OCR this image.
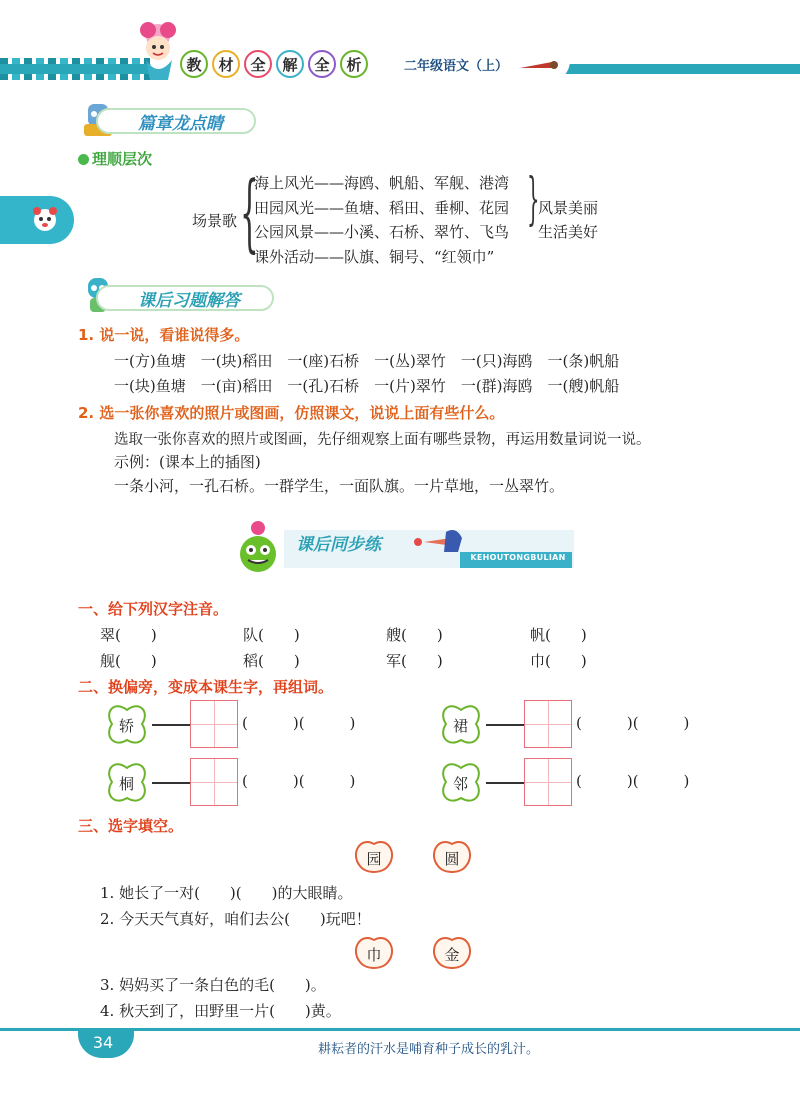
教	材	全	解	全	析	二年级语文（上）
篇章龙点睛
理顺层次
场景歌 {
海上风光——海鸥、帆船、军舰、港湾
田园风光——鱼塘、稻田、垂柳、花园
公园风景——小溪、石桥、翠竹、飞鸟
课外活动——队旗、铜号、“红领巾”
}
风景美丽
生活美好
课后习题解答
1. 说一说，看谁说得多。
一(方)鱼塘　一(块)稻田　一(座)石桥　一(丛)翠竹　一(只)海鸥　一(条)帆船
一(块)鱼塘　一(亩)稻田　一(孔)石桥　一(片)翠竹　一(群)海鸥　一(艘)帆船
2. 选一张你喜欢的照片或图画，仿照课文，说说上面有些什么。
选取一张你喜欢的照片或图画，先仔细观察上面有哪些景物，再运用数量词说一说。
示例：(课本上的插图)
一条小河，一孔石桥。一群学生，一面队旗。一片草地，一丛翠竹。
课后同步练
KEHOUTONGBULIAN
一、给下列汉字注音。
翠(　　)	队(　　)	艘(　　)	帆(　　)
舰(　　)	稻(　　)	军(　　)	巾(　　)
二、换偏旁，变成本课生字，再组词。
轿	(　　　)(　　　)	裙	(　　　)(　　　)
桐	(　　　)(　　　)	邻	(　　　)(　　　)
三、选字填空。
园	圆
1. 她长了一对(　　)(　　)的大眼睛。
2. 今天天气真好，咱们去公(　　)玩吧！
巾	金
3. 妈妈买了一条白色的毛(　　)。
4. 秋天到了，田野里一片(　　)黄。
34	耕耘者的汗水是哺育种子成长的乳汁。
